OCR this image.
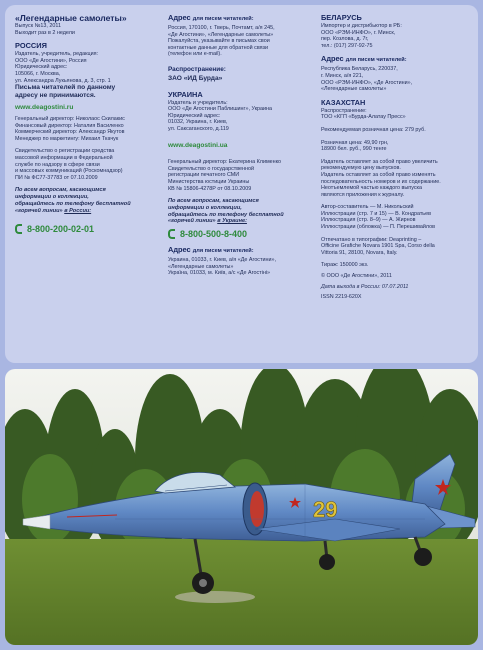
«Легендарные самолеты»

Выпуск №13, 2011

Выходит раз в 2 недели

РОССИЯ

Издатель, учредитель, редакция:

ООО «Де Агостини», Россия

Юридический адрес:

105066, г. Москва,

ул. Александра Лукьянова, д. 3, стр. 1

Письма читателей по данному

адресу не принимаются.

www.deagostini.ru

Генеральный директор: Николаос Скилакис

Финансовый директор: Наталия Василенко

Коммерческий директор: Александр Якутов

Менеджер по маркетингу: Михаил Ткачук

Свидетельство о регистрации средства

массовой информации в Федеральной

службе по надзору в сфере связи

и массовых коммуникаций (Роскомнадзор)

ПИ № ФС77-37783 от 07.10.2009

По всем вопросам, касающимся

информации о коллекции,

обращайтесь по телефону бесплатной

«горячей линии» в России:

8-800-200-02-01

Адрес для писем читателей:

Россия, 170100, г. Тверь, Почтамт, а/я 245,

«Де Агостини», «Легендарные самолеты»

Пожалуйста, указывайте в письмах свои

контактные данные для обратной связи

(телефон или e-mail).

Распространение:

ЗАО «ИД Бурда»

УКРАИНА

Издатель и учредитель:

ООО «Де Агостини Паблишинг», Украина

Юридический адрес:

01032, Украина, г. Киев,

ул. Саксаганского, д.119

www.deagostini.ua

Генеральный директор: Екатерина Клименко

Свидетельство о государственной

регистрации печатного СМИ

Министерства юстиции Украины

КВ № 15806-4278Р от 08.10.2009

По всем вопросам, касающимся

информации о коллекции,

обращайтесь по телефону бесплатной

«горячей линии» в Украине:

8-800-500-8-400

Адрес для писем читателей:

Украина, 01033, г. Киев, а/я «Де Агостини»,

«Легендарные самолеты»

Україна, 01033, м. Київ, а/с «Де Агостіні»

БЕЛАРУСЬ

Импортер и дистрибьютор в РБ:

ООО «РЭМ-ИНФО», г. Минск,

пер. Козлова, д. 7г,

тел.: (017) 297-92-75

Адрес для писем читателей:

Республика Беларусь, 220037,

г. Минск, а/я 221,

ООО «РЭМ-ИНФО», «Де Агостини»,

«Легендарные самолеты»

КАЗАХСТАН

Распространение:

ТОО «КГП «Бурда-Алатау Пресс»

Рекомендуемая розничная цена: 279 руб.

Розничная цена: 49,90 грн,

18900 бел. руб., 990 тенге

Издатель оставляет за собой право увеличить

рекомендуемую цену выпусков.

Издатель оставляет за собой право изменять

последовательность номеров и их содержание.

Неотъемлемой частью каждого выпуска

являются приложения к журналу.

Автор-составитель — М. Никольский

Иллюстрации (стр. 7 и 15) — В. Кондратьев

Иллюстрация (стр. 8–9) — А. Жирнов

Иллюстрации (обложка) — П. Перешивайлов

Отпечатано в типографии: Deaprinting –

Officine Grafiche Novara 1901 Spa, Corso della

Vittoria 91, 28100, Novara, Italy.

Тираж: 150000 экз.

© ООО «Де Агостини», 2011

Дата выхода в России: 07.07.2011

ISSN 2219-620X

29
